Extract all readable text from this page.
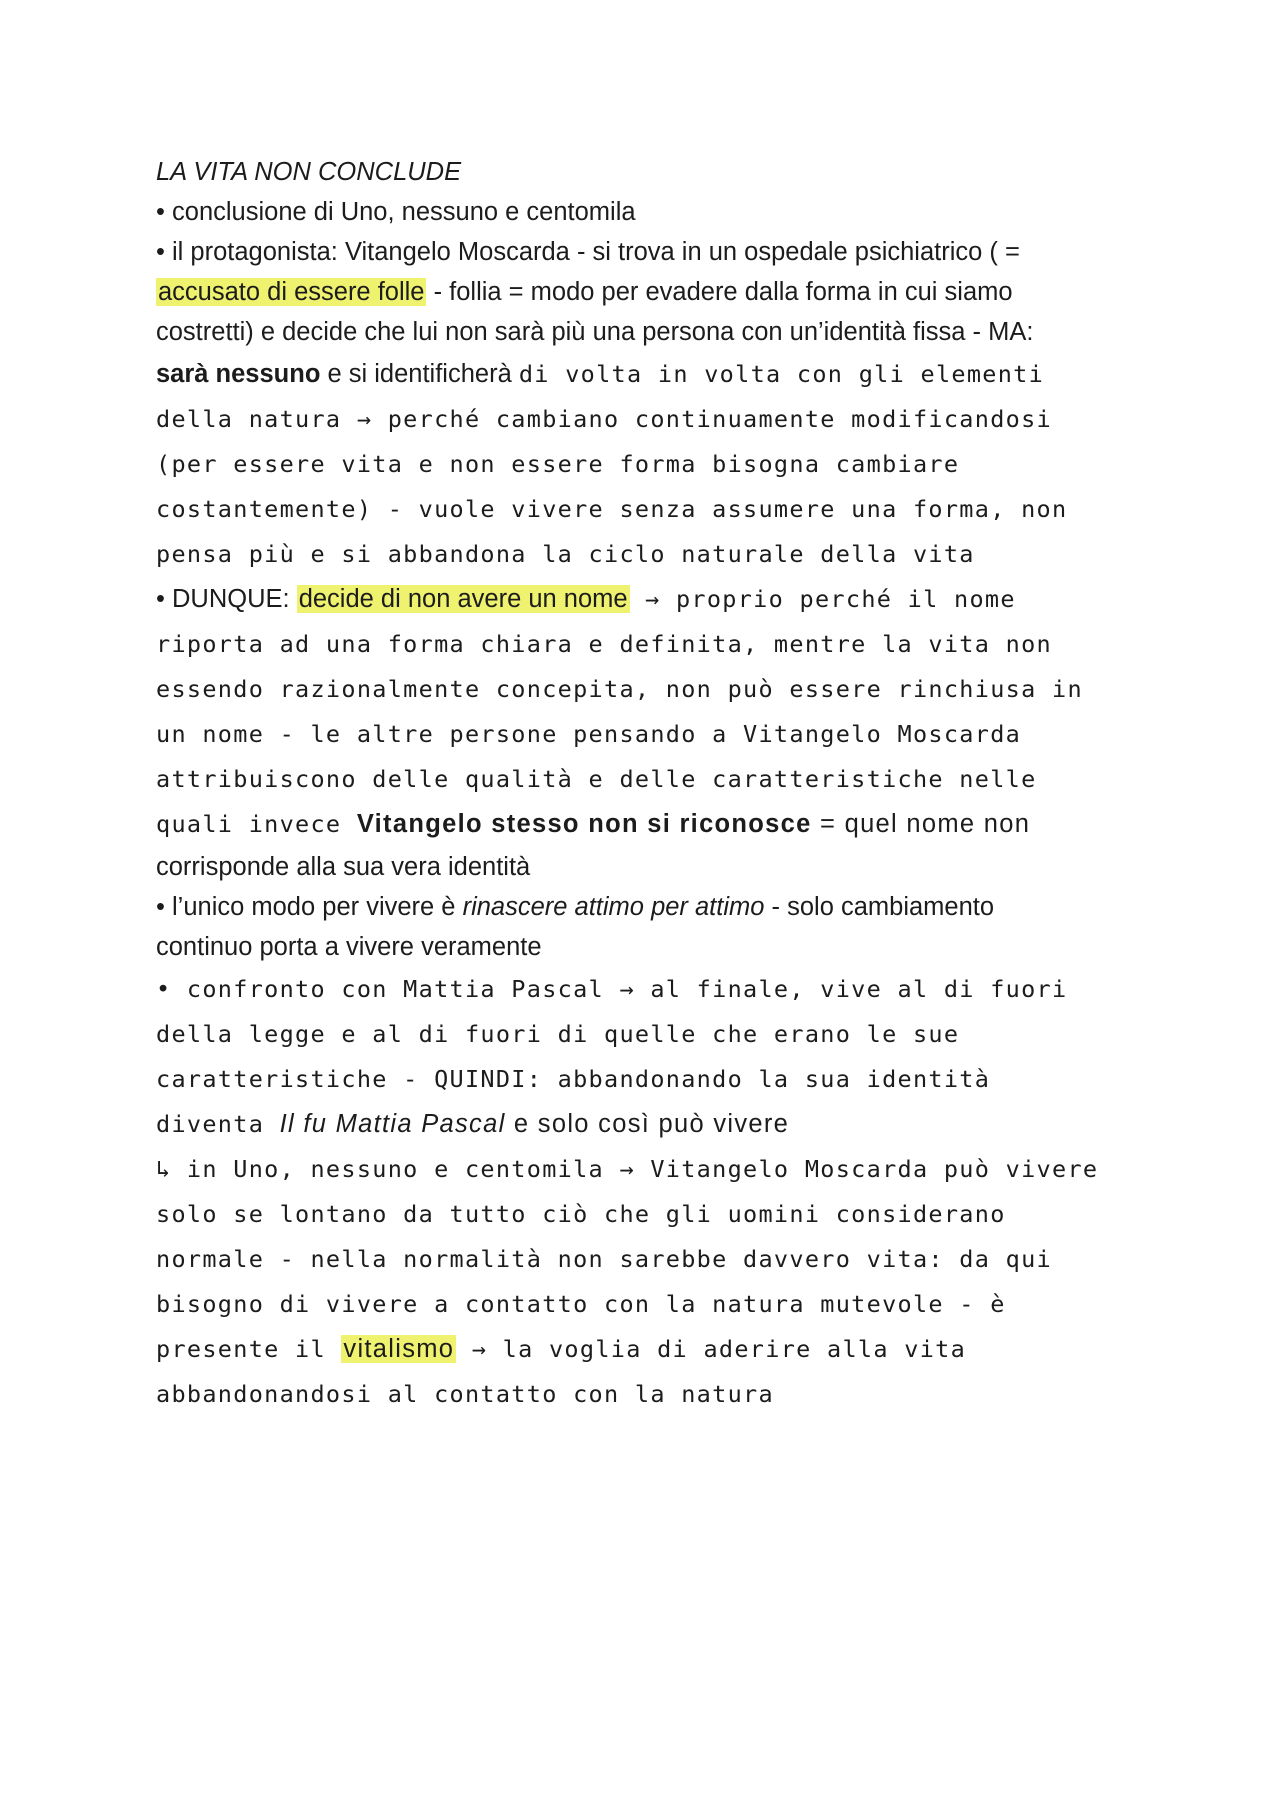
LA VITA NON CONCLUDE
• conclusione di Uno, nessuno e centomila
• il protagonista: Vitangelo Moscarda - si trova in un ospedale psichiatrico ( =
accusato di essere folle - follia = modo per evadere dalla forma in cui siamo
costretti) e decide che lui non sarà più una persona con un’identità fissa - MA:
sarà nessuno e si identificherà di volta in volta con gli elementi
della natura → perché cambiano continuamente modificandosi
(per essere vita e non essere forma bisogna cambiare
costantemente) - vuole vivere senza assumere una forma, non
pensa più e si abbandona la ciclo naturale della vita
• DUNQUE: decide di non avere un nome → proprio perché il nome
riporta ad una forma chiara e definita, mentre la vita non
essendo razionalmente concepita, non può essere rinchiusa in
un nome - le altre persone pensando a Vitangelo Moscarda
attribuiscono delle qualità e delle caratteristiche nelle
quali invece Vitangelo stesso non si riconosce = quel nome non
corrisponde alla sua vera identità
• l’unico modo per vivere è rinascere attimo per attimo - solo cambiamento
continuo porta a vivere veramente
• confronto con Mattia Pascal → al finale, vive al di fuori
della legge e al di fuori di quelle che erano le sue
caratteristiche - QUINDI: abbandonando la sua identità
diventa Il fu Mattia Pascal e solo così può vivere
↳ in Uno, nessuno e centomila → Vitangelo Moscarda può vivere
solo se lontano da tutto ciò che gli uomini considerano
normale - nella normalità non sarebbe davvero vita: da qui
bisogno di vivere a contatto con la natura mutevole - è
presente il vitalismo → la voglia di aderire alla vita
abbandonandosi al contatto con la natura
